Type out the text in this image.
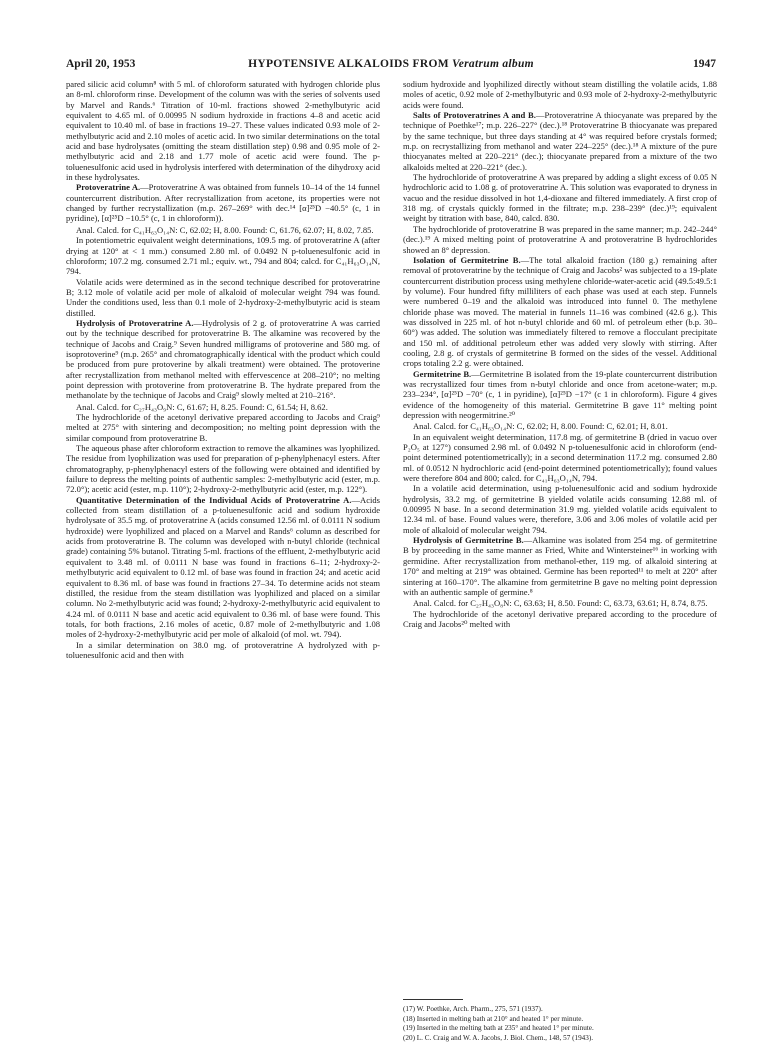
April 20, 1953	HYPOTENSIVE ALKALOIDS FROM Veratrum album	1947

pared silicic acid column⁸ with 5 ml. of chloroform saturated with hydrogen chloride plus an 8-ml. chloroform rinse. Development of the column was with the series of solvents used by Marvel and Rands.⁶ Titration of 10-ml. fractions showed 2-methylbutyric acid equivalent to 4.65 ml. of 0.00995 N sodium hydroxide in fractions 4–8 and acetic acid equivalent to 10.40 ml. of base in fractions 19–27. These values indicated 0.93 mole of 2-methylbutyric acid and 2.10 moles of acetic acid. In two similar determinations on the total acid and base hydrolysates (omitting the steam distillation step) 0.98 and 0.95 mole of 2-methylbutyric acid and 2.18 and 1.77 mole of acetic acid were found. The p-toluenesulfonic acid used in hydrolysis interfered with determination of the dihydroxy acid in these hydrolysates.

Protoveratrine A.—Protoveratrine A was obtained from funnels 10–14 of the 14 funnel countercurrent distribution. After recrystallization from acetone, its properties were not changed by further recrystallization (m.p. 267–269° with dec.¹⁴ [α]²⁵D −40.5° (c, 1 in pyridine), [α]²⁵D −10.5° (c, 1 in chloroform)).

Anal. Calcd. for C₄₁H₆₃O₁₄N: C, 62.02; H, 8.00. Found: C, 61.76, 62.07; H, 8.02, 7.85.

In potentiometric equivalent weight determinations, 109.5 mg. of protoveratrine A (after drying at 120° at < 1 mm.) consumed 2.80 ml. of 0.0492 N p-toluenesulfonic acid in chloroform; 107.2 mg. consumed 2.71 ml.; equiv. wt., 794 and 804; calcd. for C₄₁H₆₃O₁₄N, 794.

Volatile acids were determined as in the second technique described for protoveratrine B; 3.12 mole of volatile acid per mole of alkaloid of molecular weight 794 was found. Under the conditions used, less than 0.1 mole of 2-hydroxy-2-methylbutyric acid is steam distilled.

Hydrolysis of Protoveratrine A.—Hydrolysis of 2 g. of protoveratrine A was carried out by the technique described for protoveratrine B. The alkamine was recovered by the technique of Jacobs and Craig.⁹ Seven hundred milligrams of protoverine and 580 mg. of isoprotoverine⁹ (m.p. 265° and chromatographically identical with the product which could be produced from pure protoverine by alkali treatment) were obtained. The protoverine after recrystallization from methanol melted with effervescence at 208–210°; no melting point depression with protoverine from protoveratrine B. The hydrate prepared from the methanolate by the technique of Jacobs and Craig⁹ slowly melted at 210–216°.

Anal. Calcd. for C₂₇H₄₃O₉N: C, 61.67; H, 8.25. Found: C, 61.54; H, 8.62.

The hydrochloride of the acetonyl derivative prepared according to Jacobs and Craig⁹ melted at 275° with sintering and decomposition; no melting point depression with the similar compound from protoveratrine B.

The aqueous phase after chloroform extraction to remove the alkamines was lyophilized. The residue from lyophilization was used for preparation of p-phenylphenacyl esters. After chromatography, p-phenylphenacyl esters of the following were obtained and identified by failure to depress the melting points of authentic samples: 2-methylbutyric acid (ester, m.p. 72.0°); acetic acid (ester, m.p. 110°); 2-hydroxy-2-methylbutyric acid (ester, m.p. 122°).

Quantitative Determination of the Individual Acids of Protoveratrine A.—Acids collected from steam distillation of a p-toluenesulfonic acid and sodium hydroxide hydrolysate of 35.5 mg. of protoveratrine A (acids consumed 12.56 ml. of 0.0111 N sodium hydroxide) were lyophilized and placed on a Marvel and Rands⁶ column as described for acids from protoveratrine B. The column was developed with n-butyl chloride (technical grade) containing 5% butanol. Titrating 5-ml. fractions of the effluent, 2-methylbutyric acid equivalent to 3.48 ml. of 0.0111 N base was found in fractions 6–11; 2-hydroxy-2-methylbutyric acid equivalent to 0.12 ml. of base was found in fraction 24; and acetic acid equivalent to 8.36 ml. of base was found in fractions 27–34. To determine acids not steam distilled, the residue from the steam distillation was lyophilized and placed on a similar column. No 2-methylbutyric acid was found; 2-hydroxy-2-methylbutyric acid equivalent to 4.24 ml. of 0.0111 N base and acetic acid equivalent to 0.36 ml. of base were found. This totals, for both fractions, 2.16 moles of acetic, 0.87 mole of 2-methylbutyric and 1.08 moles of 2-hydroxy-2-methylbutyric acid per mole of alkaloid (of mol. wt. 794).

In a similar determination on 38.0 mg. of protoveratrine A hydrolyzed with p-toluenesulfonic acid and then with

sodium hydroxide and lyophilized directly without steam distilling the volatile acids, 1.88 moles of acetic, 0.92 mole of 2-methylbutyric and 0.93 mole of 2-hydroxy-2-methylbutyric acids were found.

Salts of Protoveratrines A and B.—Protoveratrine A thiocyanate was prepared by the technique of Poethke¹⁷; m.p. 226–227° (dec.).¹⁸ Protoveratrine B thiocyanate was prepared by the same technique, but three days standing at 4° was required before crystals formed; m.p. on recrystallizing from methanol and water 224–225° (dec.).¹⁸ A mixture of the pure thiocyanates melted at 220–221° (dec.); thiocyanate prepared from a mixture of the two alkaloids melted at 220–221° (dec.).

The hydrochloride of protoveratrine A was prepared by adding a slight excess of 0.05 N hydrochloric acid to 1.08 g. of protoveratrine A. This solution was evaporated to dryness in vacuo and the residue dissolved in hot 1,4-dioxane and filtered immediately. A first crop of 318 mg. of crystals quickly formed in the filtrate; m.p. 238–239° (dec.)¹⁹; equivalent weight by titration with base, 840, calcd. 830.

The hydrochloride of protoveratrine B was prepared in the same manner; m.p. 242–244° (dec.).¹⁹ A mixed melting point of protoveratrine A and protoveratrine B hydrochlorides showed an 8° depression.

Isolation of Germitetrine B.—The total alkaloid fraction (180 g.) remaining after removal of protoveratrine by the technique of Craig and Jacobs² was subjected to a 19-plate countercurrent distribution process using methylene chloride-water-acetic acid (49.5:49.5:1 by volume). Four hundred fifty milliliters of each phase was used at each step. Funnels were numbered 0–19 and the alkaloid was introduced into funnel 0. The methylene chloride phase was moved. The material in funnels 11–16 was combined (42.6 g.). This was dissolved in 225 ml. of hot n-butyl chloride and 60 ml. of petroleum ether (b.p. 30–60°) was added. The solution was immediately filtered to remove a flocculant precipitate and 150 ml. of additional petroleum ether was added very slowly with stirring. After cooling, 2.8 g. of crystals of germitetrine B formed on the sides of the vessel. Additional crops totaling 2.2 g. were obtained.

Germitetrine B.—Germitetrine B isolated from the 19-plate countercurrent distribution was recrystallized four times from n-butyl chloride and once from acetone-water; m.p. 233–234°, [α]²⁵D −70° (c, 1 in pyridine), [α]²⁵D −17° (c 1 in chloroform). Figure 4 gives evidence of the homogeneity of this material. Germitetrine B gave 11° melting point depression with neogermitrine.²⁰

Anal. Calcd. for C₄₁H₆₃O₁₄N: C, 62.02; H, 8.00. Found: C, 62.01; H, 8.01.

In an equivalent weight determination, 117.8 mg. of germitetrine B (dried in vacuo over P₂O₅ at 127°) consumed 2.98 ml. of 0.0492 N p-toluenesulfonic acid in chloroform (end-point determined potentiometrically); in a second determination 117.2 mg. consumed 2.80 ml. of 0.0512 N hydrochloric acid (end-point determined potentiometrically); found values were therefore 804 and 800; calcd. for C₄₁H₆₃O₁₄N, 794.

In a volatile acid determination, using p-toluenesulfonic acid and sodium hydroxide hydrolysis, 33.2 mg. of germitetrine B yielded volatile acids consuming 12.88 ml. of 0.00995 N base. In a second determination 31.9 mg. yielded volatile acids equivalent to 12.34 ml. of base. Found values were, therefore, 3.06 and 3.06 moles of volatile acid per mole of alkaloid of molecular weight 794.

Hydrolysis of Germitetrine B.—Alkamine was isolated from 254 mg. of germitetrine B by proceeding in the same manner as Fried, White and Wintersteiner¹⁶ in working with germidine. After recrystallization from methanol-ether, 119 mg. of alkaloid sintering at 170° and melting at 219° was obtained. Germine has been reported¹¹ to melt at 220° after sintering at 160–170°. The alkamine from germitetrine B gave no melting point depression with an authentic sample of germine.⁸

Anal. Calcd. for C₂₇H₄₃O₈N: C, 63.63; H, 8.50. Found: C, 63.73, 63.61; H, 8.74, 8.75.

The hydrochloride of the acetonyl derivative prepared according to the procedure of Craig and Jacobs²⁰ melted with

(17) W. Poethke, Arch. Pharm., 275, 571 (1937).
(18) Inserted in melting bath at 210° and heated 1° per minute.
(19) Inserted in the melting bath at 235° and heated 1° per minute.
(20) L. C. Craig and W. A. Jacobs, J. Biol. Chem., 148, 57 (1943).
